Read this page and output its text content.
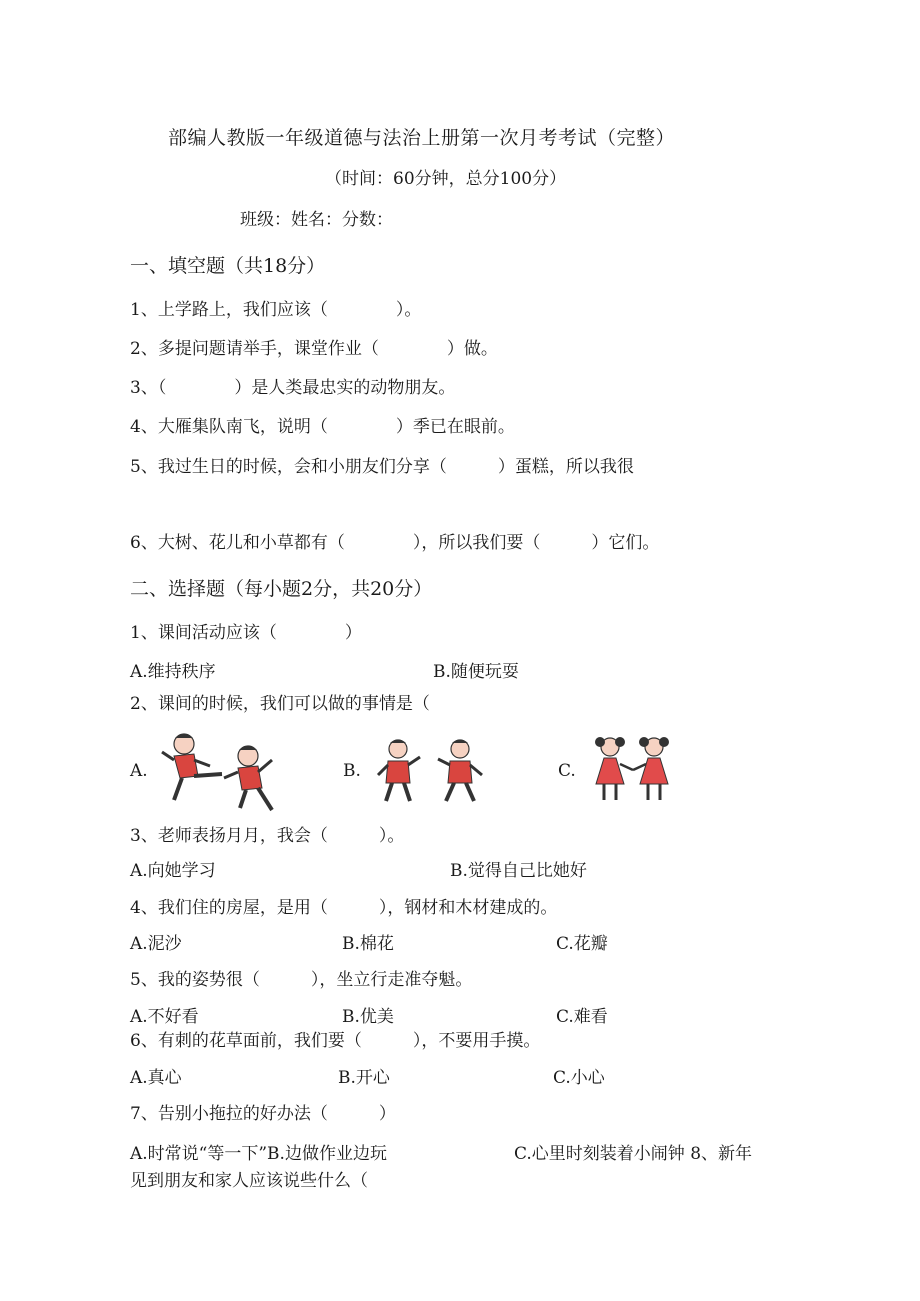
部编人教版一年级道德与法治上册第一次月考考试（完整）
（时间：60分钟，总分100分）
班级：姓名：分数：
一、填空题（共18分）
1、上学路上，我们应该（　　　　）。
2、多提问题请举手，课堂作业（　　　　）做。
3、（　　　　）是人类最忠实的动物朋友。
4、大雁集队南飞，说明（　　　　）季已在眼前。
5、我过生日的时候，会和小朋友们分享（　　　）蛋糕，所以我很
6、大树、花儿和小草都有（　　　　），所以我们要（　　　）它们。
二、选择题（每小题2分，共20分）
1、课间活动应该（　　　　）
A.维持秩序	B.随便玩耍
2、课间的时候，我们可以做的事情是（
A.	B.	C.
3、老师表扬月月，我会（　　　）。
A.向她学习	B.觉得自己比她好
4、我们住的房屋，是用（　　　），钢材和木材建成的。
A.泥沙	B.棉花	C.花瓣
5、我的姿势很（　　　），坐立行走准夺魁。
A.不好看	B.优美	C.难看
6、有刺的花草面前，我们要（　　　），不要用手摸。
A.真心	B.开心	C.小心
7、告别小拖拉的好办法（　　　）
A.时常说“等一下”B.边做作业边玩	C.心里时刻装着小闹钟 8、新年
见到朋友和家人应该说些什么（
